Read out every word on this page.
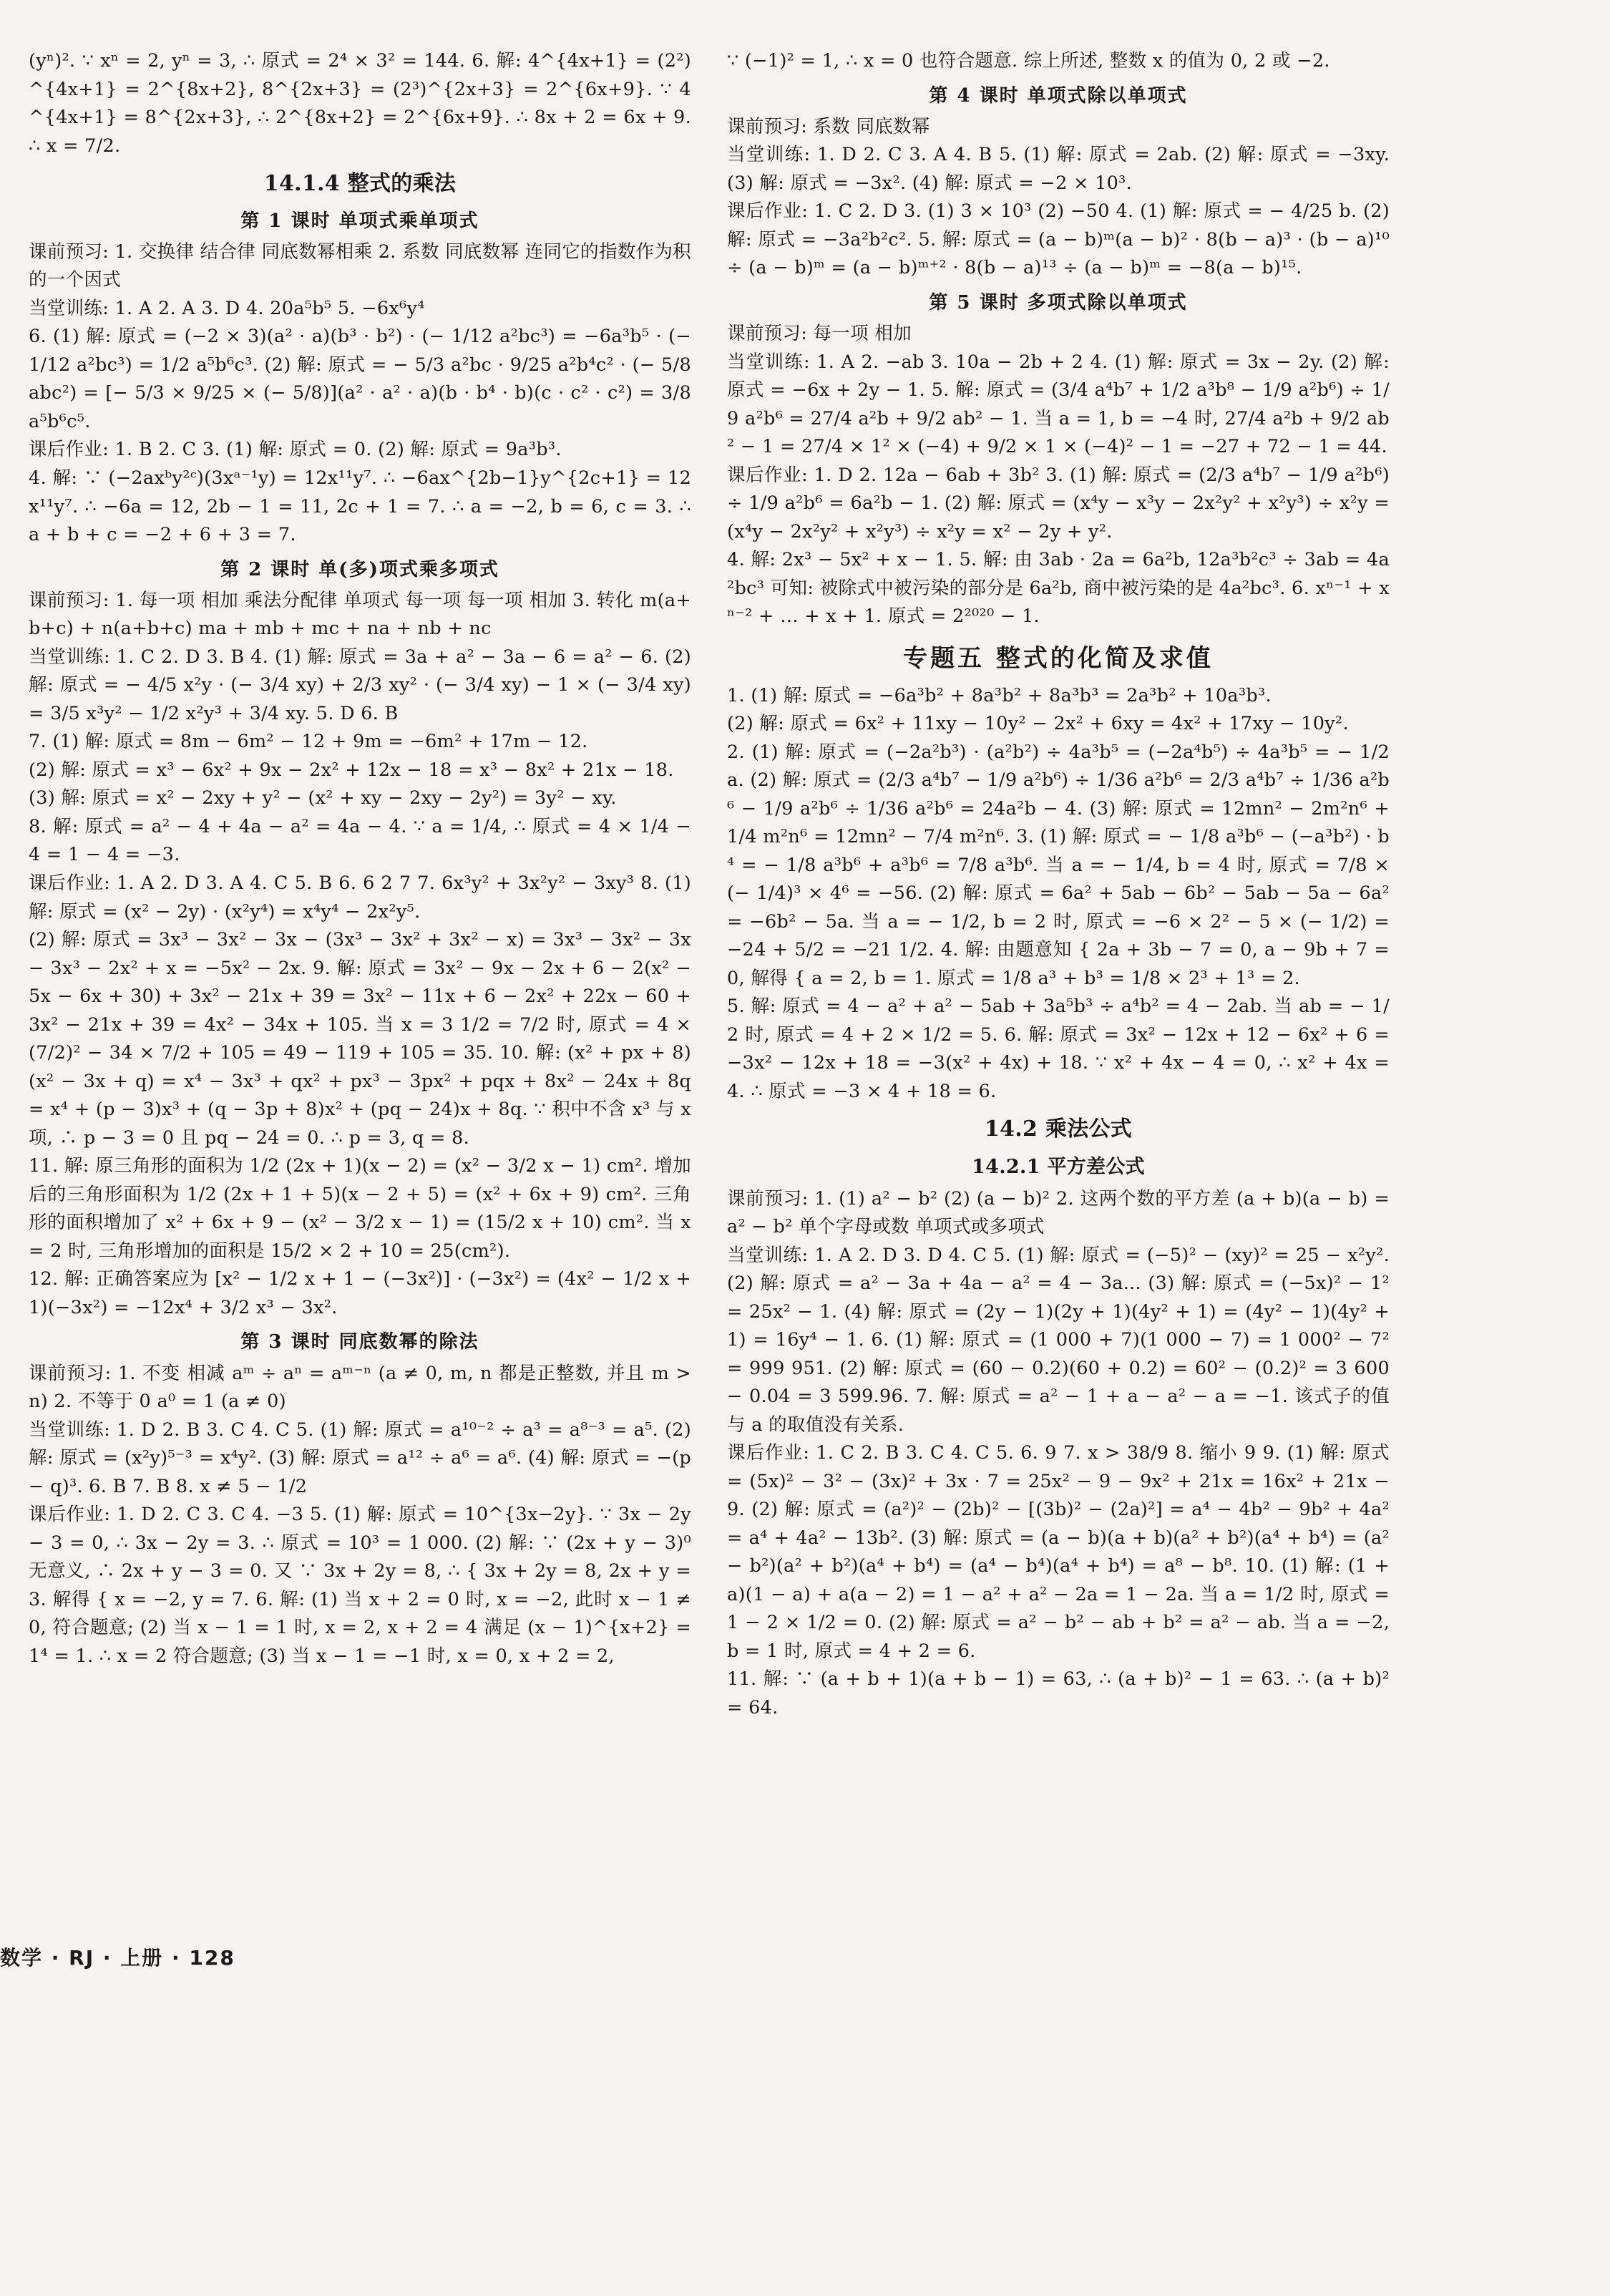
(yⁿ)². ∵ xⁿ = 2, yⁿ = 3, ∴ 原式 = 2⁴ × 3² = 144. 6. 解: 4^{4x+1} = (2²)^{4x+1} = 2^{8x+2}, 8^{2x+3} = (2³)^{2x+3} = 2^{6x+9}. ∵ 4^{4x+1} = 8^{2x+3}, ∴ 2^{8x+2} = 2^{6x+9}. ∴ 8x + 2 = 6x + 9. ∴ x = 7/2.

14.1.4 整式的乘法
第 1 课时 单项式乘单项式

课前预习: 1. 交换律 结合律 同底数幂相乘 2. 系数 同底数幂 连同它的指数作为积的一个因式

当堂训练: 1. A 2. A 3. D 4. 20a⁵b⁵ 5. −6x⁶y⁴

6. (1) 解: 原式 = (−2 × 3)(a² · a)(b³ · b²) · (− 1/12 a²bc³) = −6a³b⁵ · (− 1/12 a²bc³) = 1/2 a⁵b⁶c³. (2) 解: 原式 = − 5/3 a²bc · 9/25 a²b⁴c² · (− 5/8 abc²) = [− 5/3 × 9/25 × (− 5/8)](a² · a² · a)(b · b⁴ · b)(c · c² · c²) = 3/8 a⁵b⁶c⁵.

课后作业: 1. B 2. C 3. (1) 解: 原式 = 0. (2) 解: 原式 = 9a³b³.

4. 解: ∵ (−2axᵇy²ᶜ)(3xᵃ⁻¹y) = 12x¹¹y⁷. ∴ −6ax^{2b−1}y^{2c+1} = 12x¹¹y⁷. ∴ −6a = 12, 2b − 1 = 11, 2c + 1 = 7. ∴ a = −2, b = 6, c = 3. ∴ a + b + c = −2 + 6 + 3 = 7.

第 2 课时 单(多)项式乘多项式

课前预习: 1. 每一项 相加 乘法分配律 单项式 每一项 每一项 相加 3. 转化 m(a+b+c) + n(a+b+c) ma + mb + mc + na + nb + nc

当堂训练: 1. C 2. D 3. B 4. (1) 解: 原式 = 3a + a² − 3a − 6 = a² − 6. (2) 解: 原式 = − 4/5 x²y · (− 3/4 xy) + 2/3 xy² · (− 3/4 xy) − 1 × (− 3/4 xy) = 3/5 x³y² − 1/2 x²y³ + 3/4 xy. 5. D 6. B

7. (1) 解: 原式 = 8m − 6m² − 12 + 9m = −6m² + 17m − 12.

(2) 解: 原式 = x³ − 6x² + 9x − 2x² + 12x − 18 = x³ − 8x² + 21x − 18.

(3) 解: 原式 = x² − 2xy + y² − (x² + xy − 2xy − 2y²) = 3y² − xy.

8. 解: 原式 = a² − 4 + 4a − a² = 4a − 4. ∵ a = 1/4, ∴ 原式 = 4 × 1/4 − 4 = 1 − 4 = −3.

课后作业: 1. A 2. D 3. A 4. C 5. B 6. 6 2 7 7. 6x³y² + 3x²y² − 3xy³ 8. (1) 解: 原式 = (x² − 2y) · (x²y⁴) = x⁴y⁴ − 2x²y⁵.

(2) 解: 原式 = 3x³ − 3x² − 3x − (3x³ − 3x² + 3x² − x) = 3x³ − 3x² − 3x − 3x³ − 2x² + x = −5x² − 2x. 9. 解: 原式 = 3x² − 9x − 2x + 6 − 2(x² − 5x − 6x + 30) + 3x² − 21x + 39 = 3x² − 11x + 6 − 2x² + 22x − 60 + 3x² − 21x + 39 = 4x² − 34x + 105. 当 x = 3 1/2 = 7/2 时, 原式 = 4 × (7/2)² − 34 × 7/2 + 105 = 49 − 119 + 105 = 35. 10. 解: (x² + px + 8)(x² − 3x + q) = x⁴ − 3x³ + qx² + px³ − 3px² + pqx + 8x² − 24x + 8q = x⁴ + (p − 3)x³ + (q − 3p + 8)x² + (pq − 24)x + 8q. ∵ 积中不含 x³ 与 x 项, ∴ p − 3 = 0 且 pq − 24 = 0. ∴ p = 3, q = 8.

11. 解: 原三角形的面积为 1/2 (2x + 1)(x − 2) = (x² − 3/2 x − 1) cm². 增加后的三角形面积为 1/2 (2x + 1 + 5)(x − 2 + 5) = (x² + 6x + 9) cm². 三角形的面积增加了 x² + 6x + 9 − (x² − 3/2 x − 1) = (15/2 x + 10) cm². 当 x = 2 时, 三角形增加的面积是 15/2 × 2 + 10 = 25(cm²).

12. 解: 正确答案应为 [x² − 1/2 x + 1 − (−3x²)] · (−3x²) = (4x² − 1/2 x + 1)(−3x²) = −12x⁴ + 3/2 x³ − 3x².

第 3 课时 同底数幂的除法

课前预习: 1. 不变 相减 aᵐ ÷ aⁿ = aᵐ⁻ⁿ (a ≠ 0, m, n 都是正整数, 并且 m > n) 2. 不等于 0 a⁰ = 1 (a ≠ 0)

当堂训练: 1. D 2. B 3. C 4. C 5. (1) 解: 原式 = a¹⁰⁻² ÷ a³ = a⁸⁻³ = a⁵. (2) 解: 原式 = (x²y)⁵⁻³ = x⁴y². (3) 解: 原式 = a¹² ÷ a⁶ = a⁶. (4) 解: 原式 = −(p − q)³. 6. B 7. B 8. x ≠ 5 − 1/2

课后作业: 1. D 2. C 3. C 4. −3 5. (1) 解: 原式 = 10^{3x−2y}. ∵ 3x − 2y − 3 = 0, ∴ 3x − 2y = 3. ∴ 原式 = 10³ = 1 000. (2) 解: ∵ (2x + y − 3)⁰ 无意义, ∴ 2x + y − 3 = 0. 又 ∵ 3x + 2y = 8, ∴ { 3x + 2y = 8, 2x + y = 3. 解得 { x = −2, y = 7. 6. 解: (1) 当 x + 2 = 0 时, x = −2, 此时 x − 1 ≠ 0, 符合题意; (2) 当 x − 1 = 1 时, x = 2, x + 2 = 4 满足 (x − 1)^{x+2} = 1⁴ = 1. ∴ x = 2 符合题意; (3) 当 x − 1 = −1 时, x = 0, x + 2 = 2,

∵ (−1)² = 1, ∴ x = 0 也符合题意. 综上所述, 整数 x 的值为 0, 2 或 −2.

第 4 课时 单项式除以单项式

课前预习: 系数 同底数幂

当堂训练: 1. D 2. C 3. A 4. B 5. (1) 解: 原式 = 2ab. (2) 解: 原式 = −3xy. (3) 解: 原式 = −3x². (4) 解: 原式 = −2 × 10³.

课后作业: 1. C 2. D 3. (1) 3 × 10³ (2) −50 4. (1) 解: 原式 = − 4/25 b. (2) 解: 原式 = −3a²b²c². 5. 解: 原式 = (a − b)ᵐ(a − b)² · 8(b − a)³ · (b − a)¹⁰ ÷ (a − b)ᵐ = (a − b)ᵐ⁺² · 8(b − a)¹³ ÷ (a − b)ᵐ = −8(a − b)¹⁵.

第 5 课时 多项式除以单项式

课前预习: 每一项 相加

当堂训练: 1. A 2. −ab 3. 10a − 2b + 2 4. (1) 解: 原式 = 3x − 2y. (2) 解: 原式 = −6x + 2y − 1. 5. 解: 原式 = (3/4 a⁴b⁷ + 1/2 a³b⁸ − 1/9 a²b⁶) ÷ 1/9 a²b⁶ = 27/4 a²b + 9/2 ab² − 1. 当 a = 1, b = −4 时, 27/4 a²b + 9/2 ab² − 1 = 27/4 × 1² × (−4) + 9/2 × 1 × (−4)² − 1 = −27 + 72 − 1 = 44.

课后作业: 1. D 2. 12a − 6ab + 3b² 3. (1) 解: 原式 = (2/3 a⁴b⁷ − 1/9 a²b⁶) ÷ 1/9 a²b⁶ = 6a²b − 1. (2) 解: 原式 = (x⁴y − x³y − 2x²y² + x²y³) ÷ x²y = (x⁴y − 2x²y² + x²y³) ÷ x²y = x² − 2y + y².

4. 解: 2x³ − 5x² + x − 1. 5. 解: 由 3ab · 2a = 6a²b, 12a³b²c³ ÷ 3ab = 4a²bc³ 可知: 被除式中被污染的部分是 6a²b, 商中被污染的是 4a²bc³. 6. xⁿ⁻¹ + xⁿ⁻² + … + x + 1. 原式 = 2²⁰²⁰ − 1.

专题五 整式的化简及求值

1. (1) 解: 原式 = −6a³b² + 8a³b² + 8a³b³ = 2a³b² + 10a³b³.

(2) 解: 原式 = 6x² + 11xy − 10y² − 2x² + 6xy = 4x² + 17xy − 10y².

2. (1) 解: 原式 = (−2a²b³) · (a²b²) ÷ 4a³b⁵ = (−2a⁴b⁵) ÷ 4a³b⁵ = − 1/2 a. (2) 解: 原式 = (2/3 a⁴b⁷ − 1/9 a²b⁶) ÷ 1/36 a²b⁶ = 2/3 a⁴b⁷ ÷ 1/36 a²b⁶ − 1/9 a²b⁶ ÷ 1/36 a²b⁶ = 24a²b − 4. (3) 解: 原式 = 12mn² − 2m²n⁶ + 1/4 m²n⁶ = 12mn² − 7/4 m²n⁶. 3. (1) 解: 原式 = − 1/8 a³b⁶ − (−a³b²) · b⁴ = − 1/8 a³b⁶ + a³b⁶ = 7/8 a³b⁶. 当 a = − 1/4, b = 4 时, 原式 = 7/8 × (− 1/4)³ × 4⁶ = −56. (2) 解: 原式 = 6a² + 5ab − 6b² − 5ab − 5a − 6a² = −6b² − 5a. 当 a = − 1/2, b = 2 时, 原式 = −6 × 2² − 5 × (− 1/2) = −24 + 5/2 = −21 1/2. 4. 解: 由题意知 { 2a + 3b − 7 = 0, a − 9b + 7 = 0, 解得 { a = 2, b = 1. 原式 = 1/8 a³ + b³ = 1/8 × 2³ + 1³ = 2.

5. 解: 原式 = 4 − a² + a² − 5ab + 3a⁵b³ ÷ a⁴b² = 4 − 2ab. 当 ab = − 1/2 时, 原式 = 4 + 2 × 1/2 = 5. 6. 解: 原式 = 3x² − 12x + 12 − 6x² + 6 = −3x² − 12x + 18 = −3(x² + 4x) + 18. ∵ x² + 4x − 4 = 0, ∴ x² + 4x = 4. ∴ 原式 = −3 × 4 + 18 = 6.

14.2 乘法公式
14.2.1 平方差公式

课前预习: 1. (1) a² − b² (2) (a − b)² 2. 这两个数的平方差 (a + b)(a − b) = a² − b² 单个字母或数 单项式或多项式

当堂训练: 1. A 2. D 3. D 4. C 5. (1) 解: 原式 = (−5)² − (xy)² = 25 − x²y². (2) 解: 原式 = a² − 3a + 4a − a² = 4 − 3a... (3) 解: 原式 = (−5x)² − 1² = 25x² − 1. (4) 解: 原式 = (2y − 1)(2y + 1)(4y² + 1) = (4y² − 1)(4y² + 1) = 16y⁴ − 1. 6. (1) 解: 原式 = (1 000 + 7)(1 000 − 7) = 1 000² − 7² = 999 951. (2) 解: 原式 = (60 − 0.2)(60 + 0.2) = 60² − (0.2)² = 3 600 − 0.04 = 3 599.96. 7. 解: 原式 = a² − 1 + a − a² − a = −1. 该式子的值与 a 的取值没有关系.

课后作业: 1. C 2. B 3. C 4. C 5. 6. 9 7. x > 38/9 8. 缩小 9 9. (1) 解: 原式 = (5x)² − 3² − (3x)² + 3x · 7 = 25x² − 9 − 9x² + 21x = 16x² + 21x − 9. (2) 解: 原式 = (a²)² − (2b)² − [(3b)² − (2a)²] = a⁴ − 4b² − 9b² + 4a² = a⁴ + 4a² − 13b². (3) 解: 原式 = (a − b)(a + b)(a² + b²)(a⁴ + b⁴) = (a² − b²)(a² + b²)(a⁴ + b⁴) = (a⁴ − b⁴)(a⁴ + b⁴) = a⁸ − b⁸. 10. (1) 解: (1 + a)(1 − a) + a(a − 2) = 1 − a² + a² − 2a = 1 − 2a. 当 a = 1/2 时, 原式 = 1 − 2 × 1/2 = 0. (2) 解: 原式 = a² − b² − ab + b² = a² − ab. 当 a = −2, b = 1 时, 原式 = 4 + 2 = 6.

11. 解: ∵ (a + b + 1)(a + b − 1) = 63, ∴ (a + b)² − 1 = 63. ∴ (a + b)² = 64.

数学 · RJ · 上册 · 128
